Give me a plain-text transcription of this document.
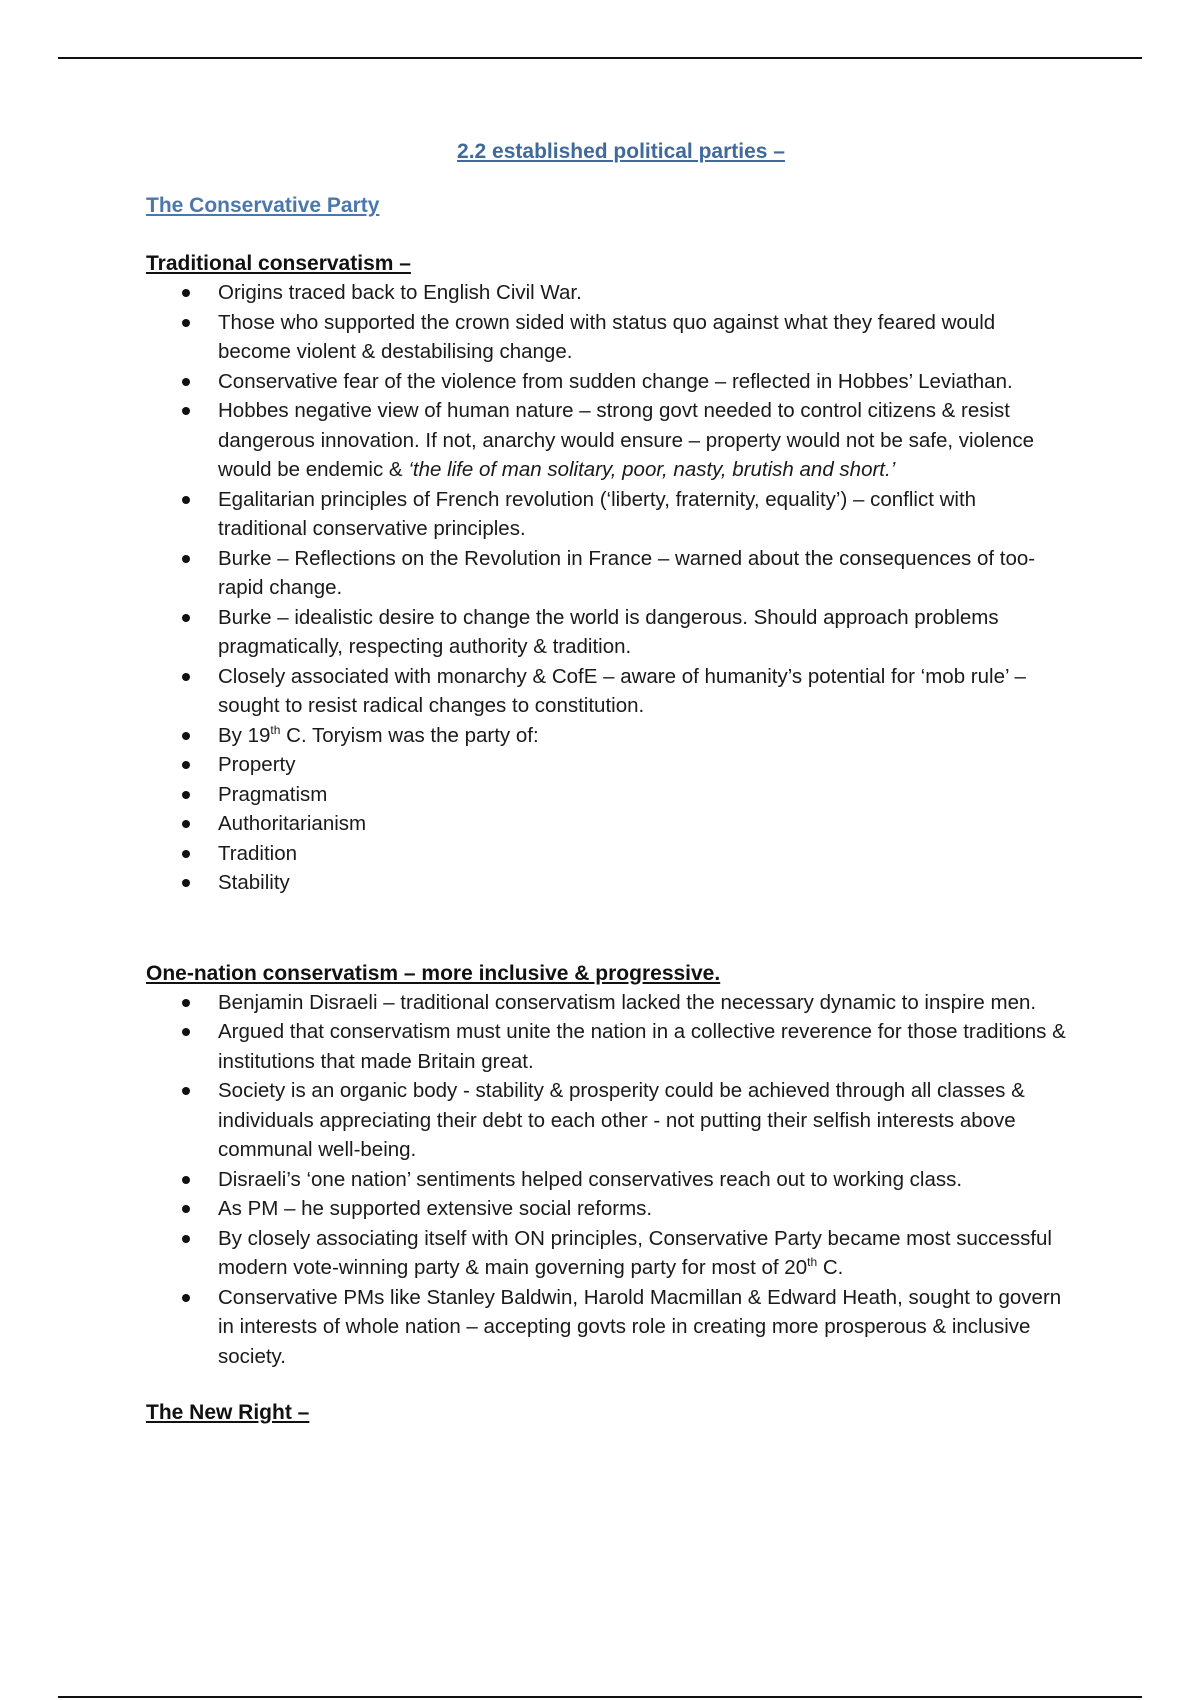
2.2 established political parties –
The Conservative Party
Traditional conservatism –
Origins traced back to English Civil War.
Those who supported the crown sided with status quo against what they feared would become violent & destabilising change.
Conservative fear of the violence from sudden change – reflected in Hobbes’ Leviathan.
Hobbes negative view of human nature – strong govt needed to control citizens & resist dangerous innovation. If not, anarchy would ensure – property would not be safe, violence would be endemic & ‘the life of man solitary, poor, nasty, brutish and short.’
Egalitarian principles of French revolution (‘liberty, fraternity, equality’) – conflict with traditional conservative principles.
Burke – Reflections on the Revolution in France – warned about the consequences of too-rapid change.
Burke – idealistic desire to change the world is dangerous. Should approach problems pragmatically, respecting authority & tradition.
Closely associated with monarchy & CofE – aware of humanity’s potential for ‘mob rule’ – sought to resist radical changes to constitution.
By 19th C. Toryism was the party of:
Property
Pragmatism
Authoritarianism
Tradition
Stability
One-nation conservatism – more inclusive & progressive.
Benjamin Disraeli – traditional conservatism lacked the necessary dynamic to inspire men.
Argued that conservatism must unite the nation in a collective reverence for those traditions & institutions that made Britain great.
Society is an organic body - stability & prosperity could be achieved through all classes & individuals appreciating their debt to each other - not putting their selfish interests above communal well-being.
Disraeli’s ‘one nation’ sentiments helped conservatives reach out to working class.
As PM – he supported extensive social reforms.
By closely associating itself with ON principles, Conservative Party became most successful modern vote-winning party & main governing party for most of 20th C.
Conservative PMs like Stanley Baldwin, Harold Macmillan & Edward Heath, sought to govern in interests of whole nation – accepting govts role in creating more prosperous & inclusive society.
The New Right –
